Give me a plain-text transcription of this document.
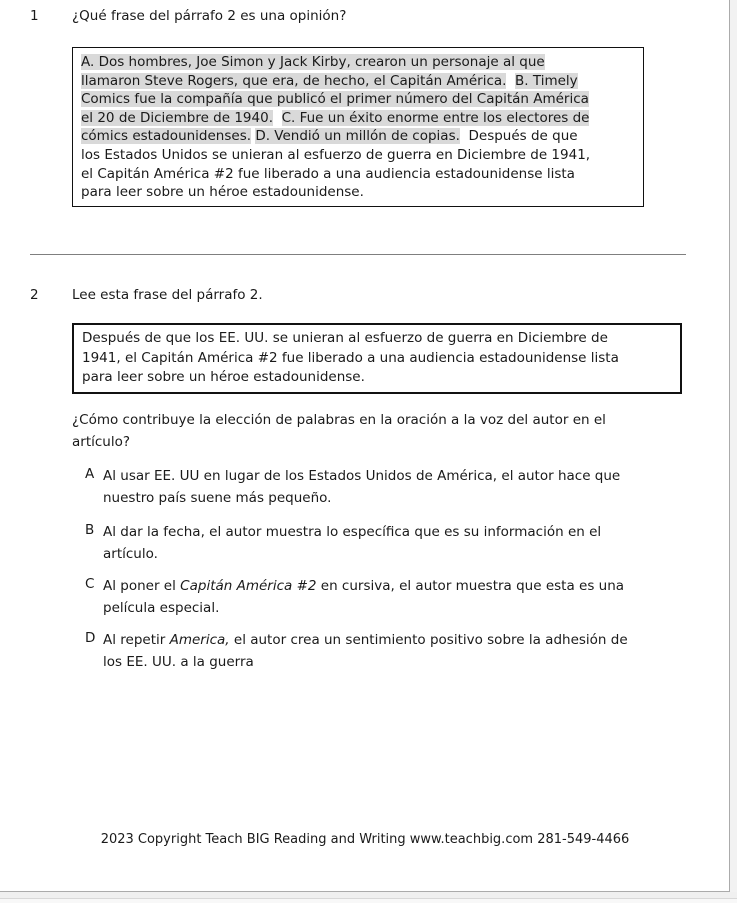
1	¿Qué frase del párrafo 2 es una opinión?
A. Dos hombres, Joe Simon y Jack Kirby, crearon un personaje al que
llamaron Steve Rogers, que era, de hecho, el Capitán América. B. Timely
Comics fue la compañía que publicó el primer número del Capitán América
el 20 de Diciembre de 1940. C. Fue un éxito enorme entre los electores de
cómics estadounidenses. D. Vendió un millón de copias.  Después de que
los Estados Unidos se unieran al esfuerzo de guerra en Diciembre de 1941,
el Capitán América #2 fue liberado a una audiencia estadounidense lista
para leer sobre un héroe estadounidense.
2	Lee esta frase del párrafo 2.
Después de que los EE. UU. se unieran al esfuerzo de guerra en Diciembre de
1941, el Capitán América #2 fue liberado a una audiencia estadounidense lista
para leer sobre un héroe estadounidense.
¿Cómo contribuye la elección de palabras en la oración a la voz del autor en el
artículo?
A Al usar EE. UU en lugar de los Estados Unidos de América, el autor hace que
nuestro país suene más pequeño.
B Al dar la fecha, el autor muestra lo específica que es su información en el
artículo.
C Al poner el Capitán América #2 en cursiva, el autor muestra que esta es una
película especial.
D Al repetir America, el autor crea un sentimiento positivo sobre la adhesión de
los EE. UU. a la guerra
2023 Copyright Teach BIG Reading and Writing www.teachbig.com 281-549-4466
